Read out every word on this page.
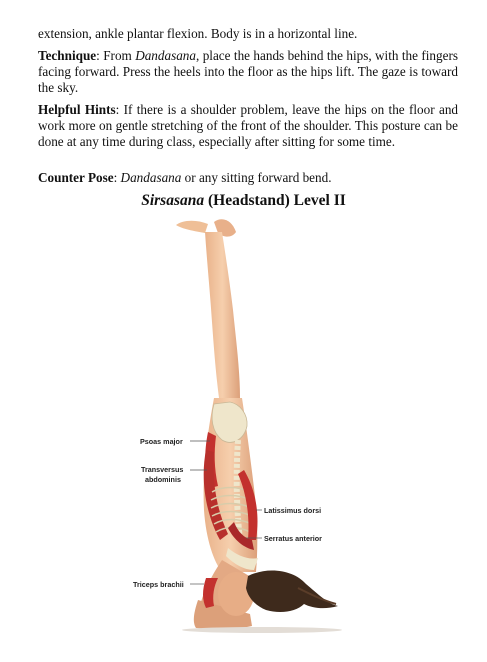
extension, ankle plantar flexion. Body is in a horizontal line.

Technique: From Dandasana, place the hands behind the hips, with the fingers facing forward. Press the heels into the floor as the hips lift. The gaze is toward the sky.

Helpful Hints: If there is a shoulder problem, leave the hips on the floor and work more on gentle stretching of the front of the shoulder. This posture can be done at any time during class, especially after sitting for some time.

Counter Pose: Dandasana or any sitting forward bend.

Sirsasana (Headstand) Level II
Psoas major
Transversus
abdominis
Latissimus dorsi
Serratus anterior
Triceps brachii
